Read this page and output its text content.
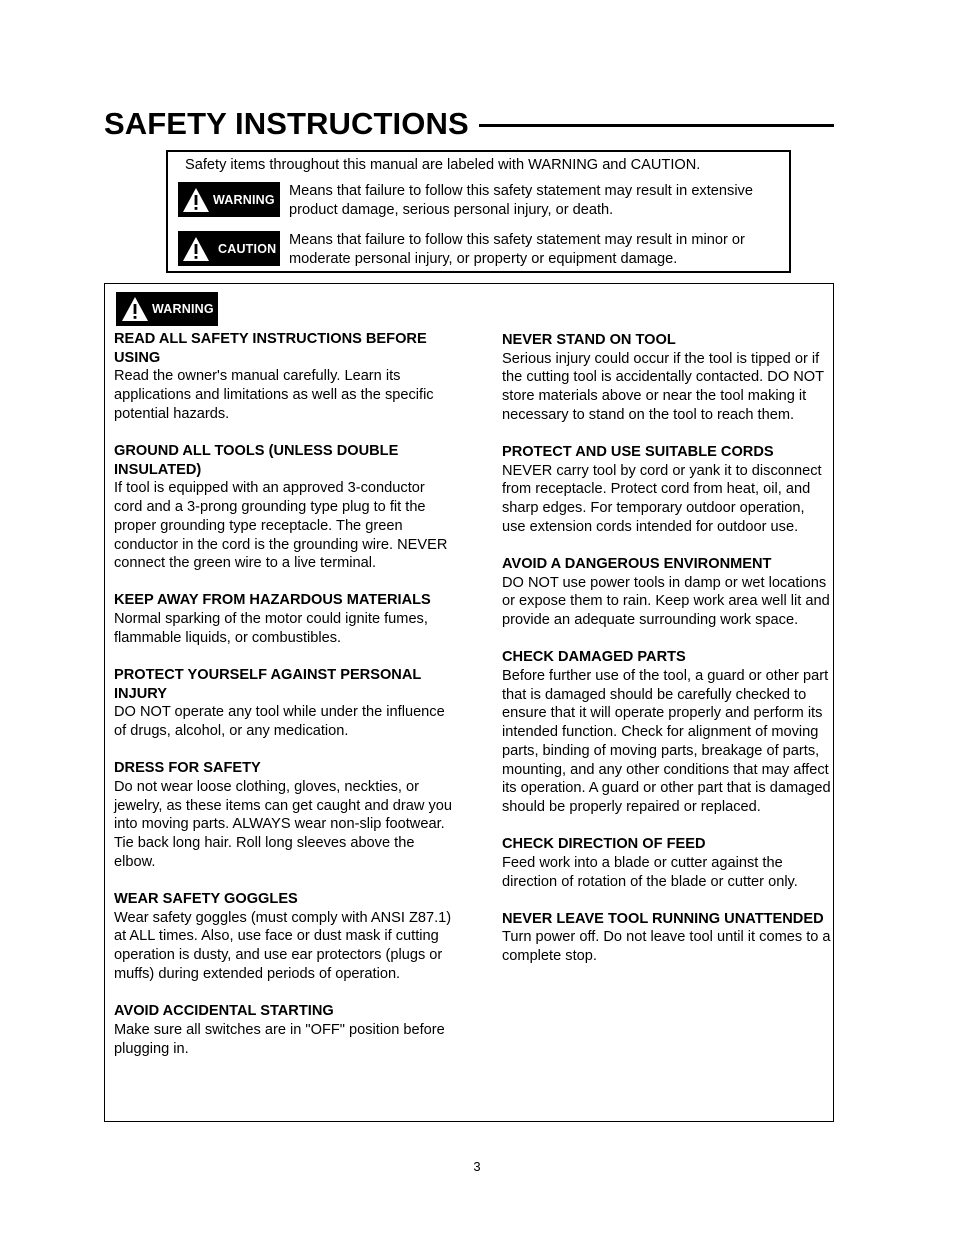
SAFETY INSTRUCTIONS
Safety items throughout this manual are labeled with WARNING and CAUTION.
WARNING
Means that failure to follow this safety statement may result in extensive product damage, serious personal injury, or death.
CAUTION
Means that failure to follow this safety statement may result in minor or moderate personal injury, or property or equipment damage.
WARNING
READ ALL SAFETY INSTRUCTIONS BEFORE USING
Read the owner's manual carefully. Learn its applications and limitations as well as the specific potential hazards.
GROUND ALL TOOLS (UNLESS DOUBLE INSULATED)
If tool is equipped with an approved 3-conductor cord and a 3-prong grounding type plug to fit the proper grounding type receptacle. The green conductor in the cord is the grounding wire. NEVER connect the green wire to a live terminal.
KEEP AWAY FROM HAZARDOUS MATERIALS
Normal sparking of the motor could ignite fumes, flammable liquids, or combustibles.
PROTECT YOURSELF AGAINST PERSONAL INJURY
DO NOT operate any tool while under the influence of drugs, alcohol, or any medication.
DRESS FOR SAFETY
Do not wear loose clothing, gloves, neckties, or jewelry, as these items can get caught and draw you into moving parts. ALWAYS wear non-slip footwear. Tie back long hair. Roll long sleeves above the elbow.
WEAR SAFETY GOGGLES
Wear safety goggles (must comply with ANSI Z87.1) at ALL times. Also, use face or dust mask if cutting operation is dusty, and use ear protectors (plugs or muffs) during extended periods of operation.
AVOID ACCIDENTAL STARTING
Make sure all switches are in "OFF" position before plugging in.
NEVER STAND ON TOOL
Serious injury could occur if the tool is tipped or if the cutting tool is accidentally contacted. DO NOT store materials above or near the tool making it necessary to stand on the tool to reach them.
PROTECT AND USE SUITABLE CORDS
NEVER carry tool by cord or yank it to disconnect from receptacle. Protect cord from heat, oil, and sharp edges. For temporary outdoor operation, use extension cords intended for outdoor use.
AVOID A DANGEROUS ENVIRONMENT
DO NOT use power tools in damp or wet locations or expose them to rain. Keep work area well lit and provide an adequate surrounding work space.
CHECK DAMAGED PARTS
Before further use of the tool, a guard or other part that is damaged should be carefully checked to ensure that it will operate properly and perform its intended function. Check for alignment of moving parts, binding of moving parts, breakage of parts, mounting, and any other conditions that may affect its operation. A guard or other part that is damaged should be properly repaired or replaced.
CHECK DIRECTION OF FEED
Feed work into a blade or cutter against the direction of rotation of the blade or cutter only.
NEVER LEAVE TOOL RUNNING UNATTENDED
Turn power off. Do not leave tool until it comes to a complete stop.
3
